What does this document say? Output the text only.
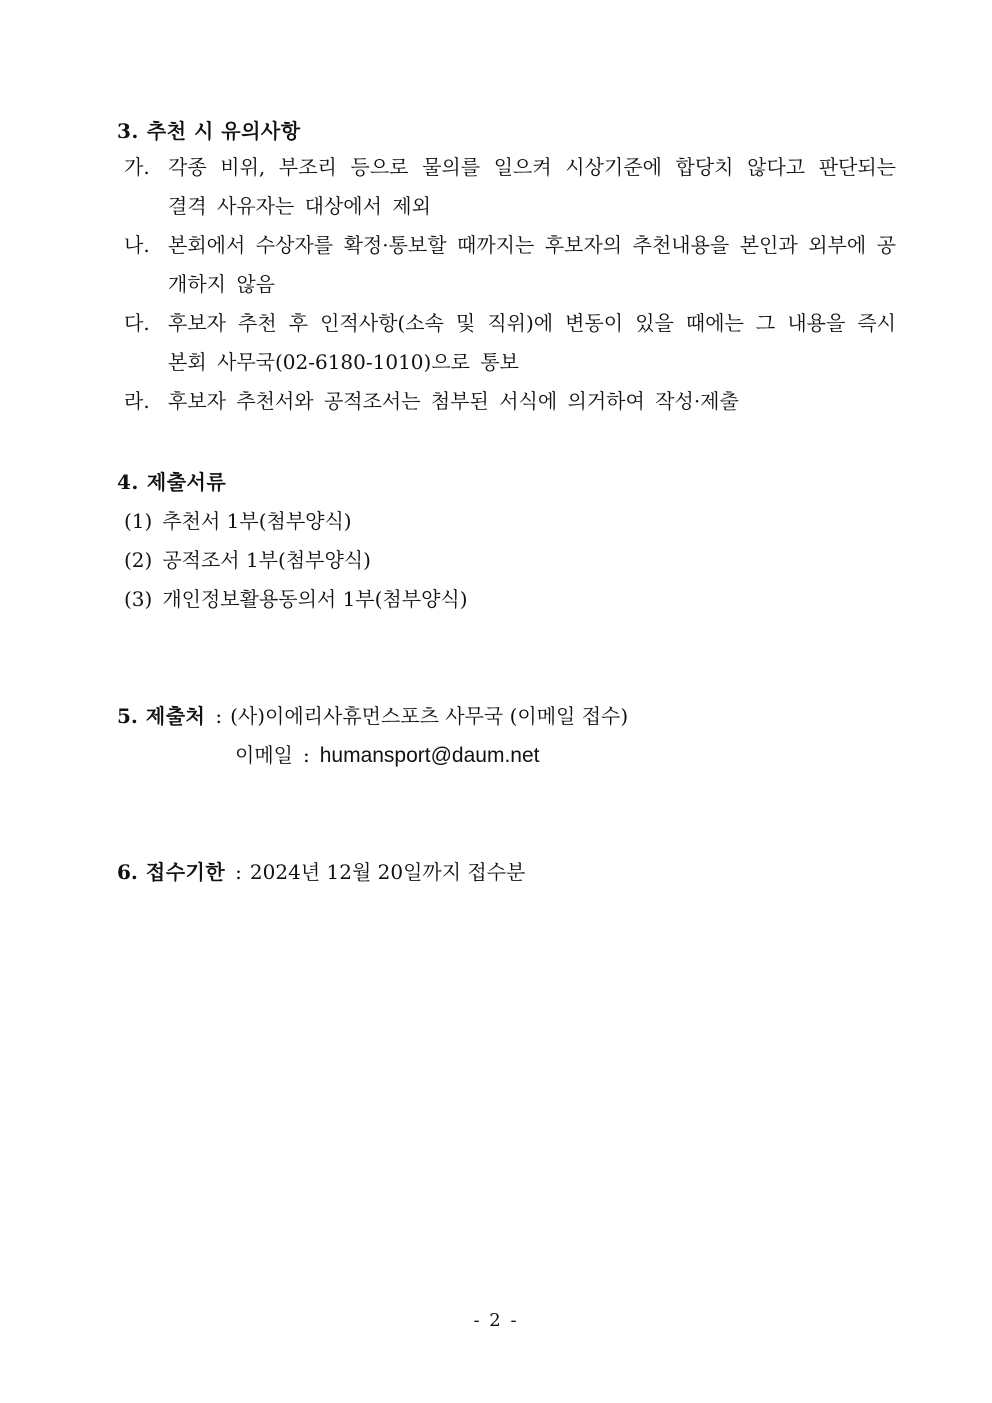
3. 추천 시 유의사항
가. 각종 비위, 부조리 등으로 물의를 일으켜 시상기준에 합당치 않다고 판단되는 결격 사유자는 대상에서 제외
나. 본회에서 수상자를 확정·통보할 때까지는 후보자의 추천내용을 본인과 외부에 공개하지 않음
다. 후보자 추천 후 인적사항(소속 및 직위)에 변동이 있을 때에는 그 내용을 즉시 본회 사무국(02-6180-1010)으로 통보
라. 후보자 추천서와 공적조서는 첨부된 서식에 의거하여 작성·제출
4. 제출서류
(1) 추천서 1부(첨부양식)
(2) 공적조서 1부(첨부양식)
(3) 개인정보활용동의서 1부(첨부양식)
5. 제출처 : (사)이에리사휴먼스포츠 사무국 (이메일 접수)
이메일 : humansport@daum.net
6. 접수기한 : 2024년 12월 20일까지 접수분
- 2 -
